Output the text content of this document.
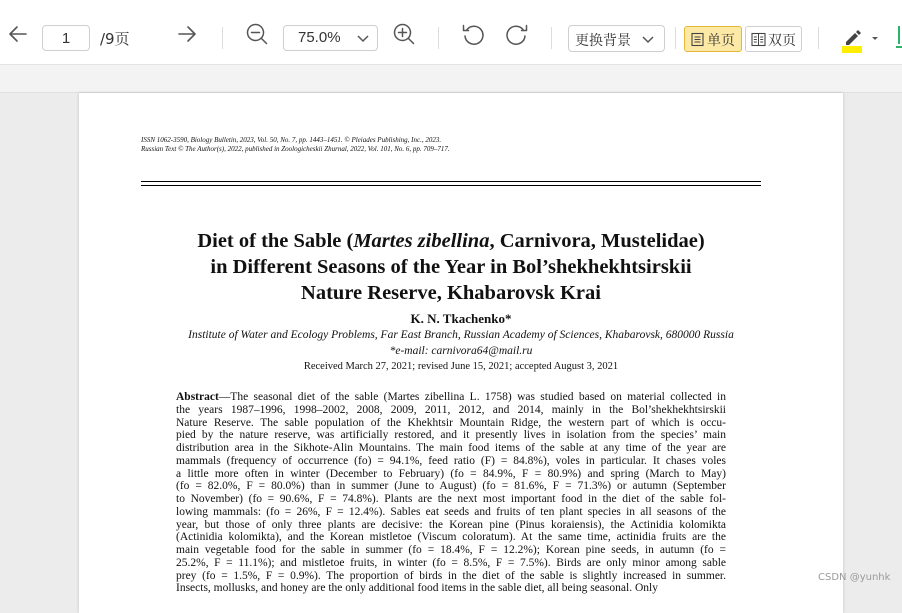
1
/9页	75.0%	更换背景	单页 双页
ISSN 1062-3590, Biology Bulletin, 2023, Vol. 50, No. 7, pp. 1443–1451. © Pleiades Publishing, Inc., 2023.
Russian Text © The Author(s), 2022, published in Zoologicheskii Zhurnal, 2022, Vol. 101, No. 6, pp. 709–717.
Diet of the Sable (Martes zibellina, Carnivora, Mustelidae)
in Different Seasons of the Year in Bol’shekhekhtsirskii
Nature Reserve, Khabarovsk Krai
K. N. Tkachenko*
Institute of Water and Ecology Problems, Far East Branch, Russian Academy of Sciences, Khabarovsk, 680000 Russia
*e-mail: carnivora64@mail.ru
Received March 27, 2021; revised June 15, 2021; accepted August 3, 2021
Abstract—The seasonal diet of the sable (Martes zibellina L. 1758) was studied based on material collected in
the years 1987–1996, 1998–2002, 2008, 2009, 2011, 2012, and 2014, mainly in the Bol’shekhekhtsirskii
Nature Reserve. The sable population of the Khekhtsir Mountain Ridge, the western part of which is occu-
pied by the nature reserve, was artificially restored, and it presently lives in isolation from the species’ main
distribution area in the Sikhote-Alin Mountains. The main food items of the sable at any time of the year are
mammals (frequency of occurrence (fo) = 94.1%, feed ratio (F) = 84.8%), voles in particular. It chases voles
a little more often in winter (December to February) (fo = 84.9%, F = 80.9%) and spring (March to May)
(fo = 82.0%, F = 80.0%) than in summer (June to August) (fo = 81.6%, F = 71.3%) or autumn (September
to November) (fo = 90.6%, F = 74.8%). Plants are the next most important food in the diet of the sable fol-
lowing mammals: (fo = 26%, F = 12.4%). Sables eat seeds and fruits of ten plant species in all seasons of the
year, but those of only three plants are decisive: the Korean pine (Pinus koraiensis), the Actinidia kolomikta
(Actinidia kolomikta), and the Korean mistletoe (Viscum coloratum). At the same time, actinidia fruits are the
main vegetable food for the sable in summer (fo = 18.4%, F = 12.2%); Korean pine seeds, in autumn (fo =
25.2%, F = 11.1%); and mistletoe fruits, in winter (fo = 8.5%, F = 7.5%). Birds are only minor among sable
prey (fo = 1.5%, F = 0.9%). The proportion of birds in the diet of the sable is slightly increased in summer.
Insects, mollusks, and honey are the only additional food items in the sable diet, all being seasonal. Only
CSDN @yunhk
